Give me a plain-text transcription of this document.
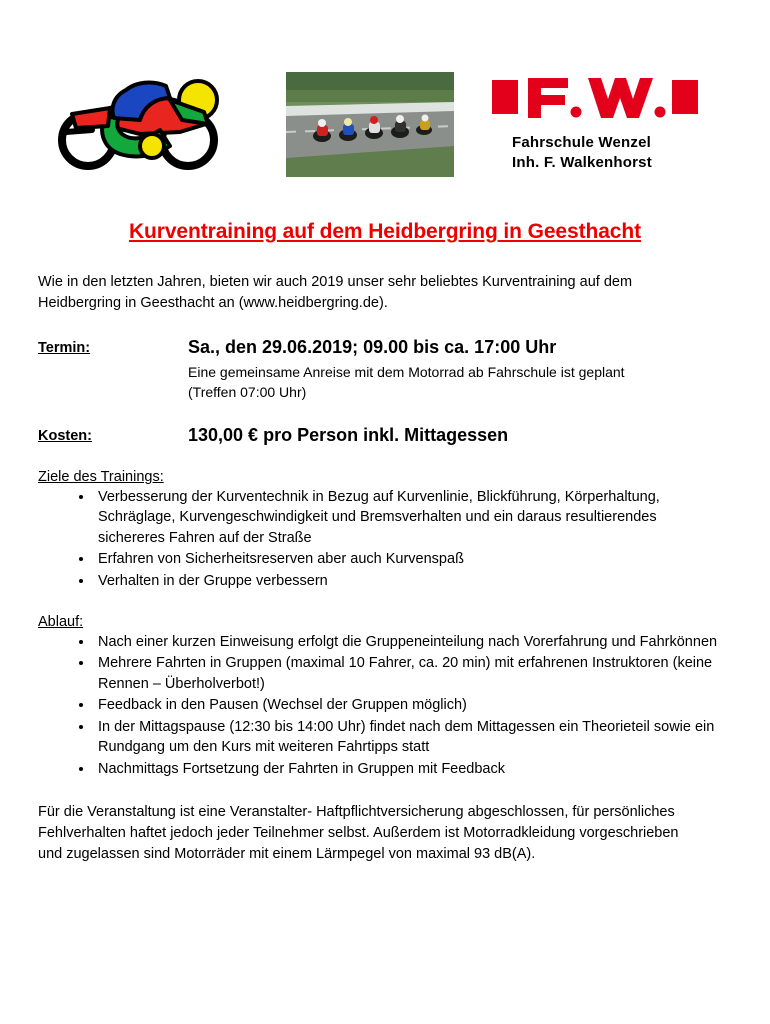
Fahrschule Wenzel
Inh. F. Walkenhorst
Kurventraining auf dem Heidbergring in Geesthacht

Wie in den letzten Jahren, bieten wir auch 2019 unser sehr beliebtes Kurventraining auf dem Heidbergring in Geesthacht an (www.heidbergring.de).

Termin:	Sa., den 29.06.2019; 09.00 bis ca. 17:00 Uhr
Eine gemeinsame Anreise mit dem Motorrad ab Fahrschule ist geplant (Treffen 07:00 Uhr)
Kosten:	130,00 € pro Person inkl. Mittagessen
Ziele des Trainings:
• Verbesserung der Kurventechnik in Bezug auf Kurvenlinie, Blickführung, Körperhaltung, Schräglage, Kurvengeschwindigkeit und Bremsverhalten und ein daraus resultierendes sichereres Fahren auf der Straße
• Erfahren von Sicherheitsreserven aber auch Kurvenspaß
• Verhalten in der Gruppe verbessern
Ablauf:
• Nach einer kurzen Einweisung erfolgt die Gruppeneinteilung nach Vorerfahrung und Fahrkönnen
• Mehrere Fahrten in Gruppen (maximal 10 Fahrer, ca. 20 min) mit erfahrenen Instruktoren (keine Rennen – Überholverbot!)
• Feedback in den Pausen (Wechsel der Gruppen möglich)
• In der Mittagspause (12:30 bis 14:00 Uhr) findet nach dem Mittagessen ein Theorieteil sowie ein Rundgang um den Kurs mit weiteren Fahrtipps statt
• Nachmittags Fortsetzung der Fahrten in Gruppen mit Feedback

Für die Veranstaltung ist eine Veranstalter- Haftpflichtversicherung abgeschlossen, für persönliches Fehlverhalten haftet jedoch jeder Teilnehmer selbst. Außerdem ist Motorradkleidung vorgeschrieben und zugelassen sind Motorräder mit einem Lärmpegel von maximal 93 dB(A).
